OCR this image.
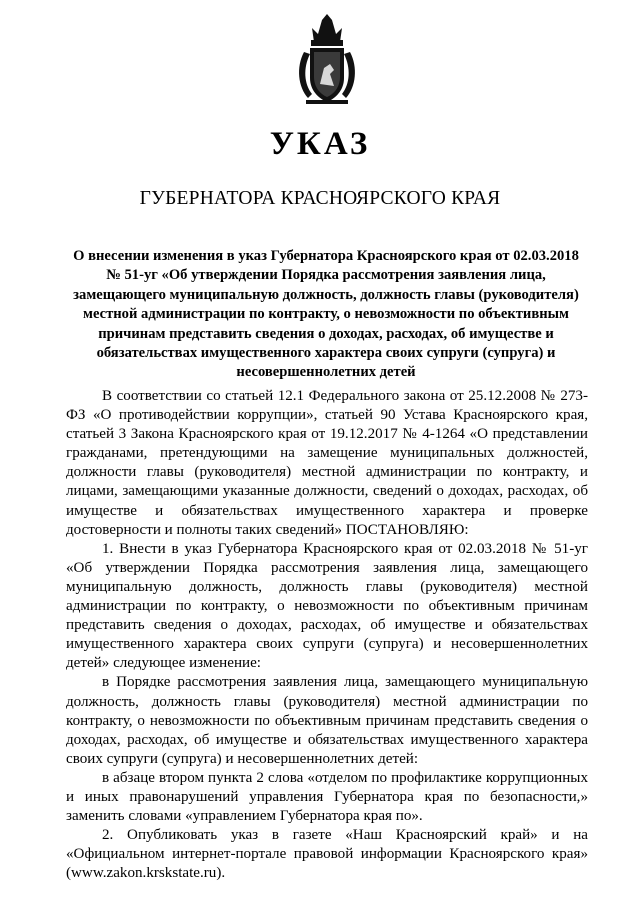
УКАЗ
ГУБЕРНАТОРА КРАСНОЯРСКОГО КРАЯ
О внесении изменения в указ Губернатора Красноярского края от 02.03.2018 № 51-уг «Об утверждении Порядка рассмотрения заявления лица, замещающего муниципальную должность, должность главы (руководителя) местной администрации по контракту, о невозможности по объективным причинам представить сведения о доходах, расходах, об имуществе и обязательствах имущественного характера своих супруги (супруга) и несовершеннолетних детей

В соответствии со статьей 12.1 Федерального закона от 25.12.2008 № 273-ФЗ «О противодействии коррупции», статьей 90 Устава Красноярского края, статьей 3 Закона Красноярского края от 19.12.2017 № 4-1264 «О представлении гражданами, претендующими на замещение муниципальных должностей, должности главы (руководителя) местной администрации по контракту, и лицами, замещающими указанные должности, сведений о доходах, расходах, об имуществе и обязательствах имущественного характера и проверке достоверности и полноты таких сведений» ПОСТАНОВЛЯЮ:

1. Внести в указ Губернатора Красноярского края от 02.03.2018 № 51-уг «Об утверждении Порядка рассмотрения заявления лица, замещающего муниципальную должность, должность главы (руководителя) местной администрации по контракту, о невозможности по объективным причинам представить сведения о доходах, расходах, об имуществе и обязательствах имущественного характера своих супруги (супруга) и несовершеннолетних детей» следующее изменение:

в Порядке рассмотрения заявления лица, замещающего муниципальную должность, должность главы (руководителя) местной администрации по контракту, о невозможности по объективным причинам представить сведения о доходах, расходах, об имуществе и обязательствах имущественного характера своих супруги (супруга) и несовершеннолетних детей:

в абзаце втором пункта 2 слова «отделом по профилактике коррупционных и иных правонарушений управления Губернатора края по безопасности,» заменить словами «управлением Губернатора края по».

2. Опубликовать указ в газете «Наш Красноярский край» и на «Официальном интернет-портале правовой информации Красноярского края» (www.zakon.krskstate.ru).
